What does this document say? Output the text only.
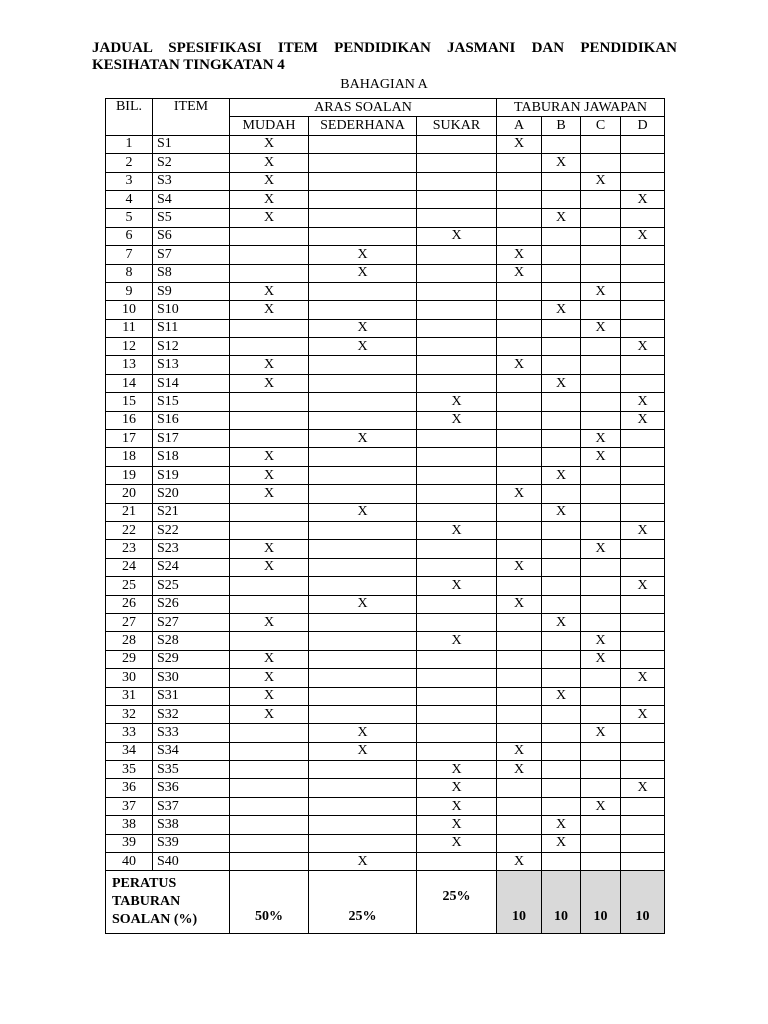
JADUAL SPESIFIKASI ITEM PENDIDIKAN JASMANI DAN PENDIDIKAN
KESIHATAN TINGKATAN 4
BAHAGIAN A
BIL.	ITEM	ARAS SOALAN			TABURAN JAWAPAN			
		MUDAH	SEDERHANA	SUKAR	A	B	C	D
1	S1	X			X			
2	S2	X				X		
3	S3	X					X	
4	S4	X						X
5	S5	X				X		
6	S6			X				X
7	S7		X		X			
8	S8		X		X			
9	S9	X					X	
10	S10	X				X		
11	S11		X				X	
12	S12		X					X
13	S13	X			X			
14	S14	X				X		
15	S15			X				X
16	S16			X				X
17	S17		X				X	
18	S18	X					X	
19	S19	X				X		
20	S20	X			X			
21	S21		X			X		
22	S22			X				X
23	S23	X					X	
24	S24	X			X			
25	S25			X				X
26	S26		X		X			
27	S27	X				X		
28	S28			X			X	
29	S29	X					X	
30	S30	X						X
31	S31	X				X		
32	S32	X						X
33	S33		X				X	
34	S34		X		X			
35	S35			X	X			
36	S36			X				X
37	S37			X			X	
38	S38			X		X		
39	S39			X		X		
40	S40		X		X			

PERATUS
TABURAN
SOALAN (%)		50%	25%	25%	10	10	10	10
